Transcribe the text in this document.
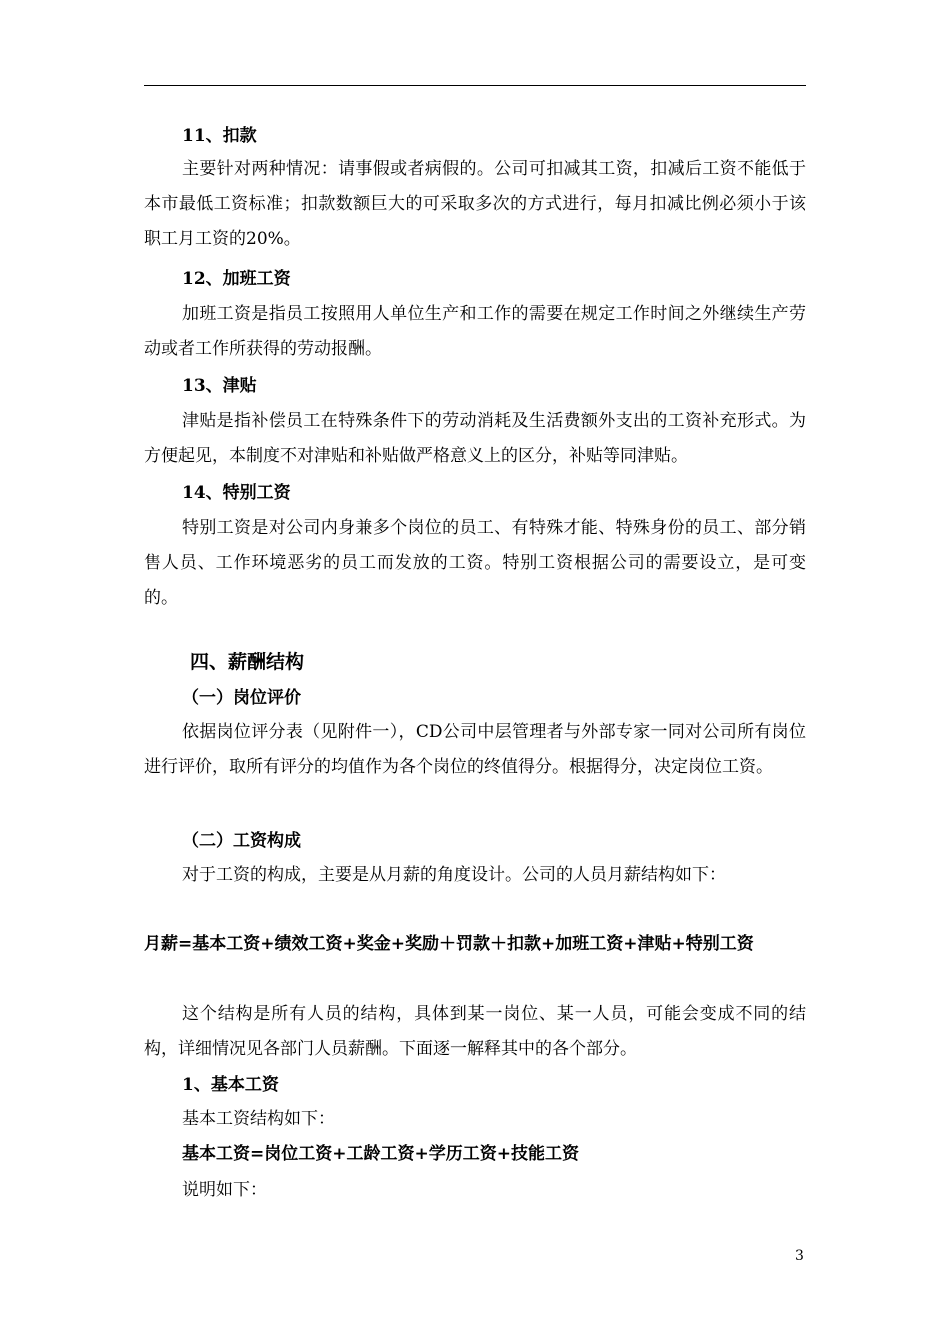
11、扣款
主要针对两种情况：请事假或者病假的。公司可扣减其工资，扣减后工资不能低于本市最低工资标准；扣款数额巨大的可采取多次的方式进行，每月扣减比例必须小于该职工月工资的20%。
12、加班工资
加班工资是指员工按照用人单位生产和工作的需要在规定工作时间之外继续生产劳动或者工作所获得的劳动报酬。
13、津贴
津贴是指补偿员工在特殊条件下的劳动消耗及生活费额外支出的工资补充形式。为方便起见，本制度不对津贴和补贴做严格意义上的区分，补贴等同津贴。
14、特别工资
特别工资是对公司内身兼多个岗位的员工、有特殊才能、特殊身份的员工、部分销售人员、工作环境恶劣的员工而发放的工资。特别工资根据公司的需要设立，是可变的。
四、薪酬结构
（一）岗位评价
依据岗位评分表（见附件一），CD公司中层管理者与外部专家一同对公司所有岗位进行评价，取所有评分的均值作为各个岗位的终值得分。根据得分，决定岗位工资。
（二）工资构成
对于工资的构成，主要是从月薪的角度设计。公司的人员月薪结构如下：
月薪=基本工资+绩效工资+奖金+奖励＋罚款＋扣款+加班工资+津贴+特别工资
这个结构是所有人员的结构，具体到某一岗位、某一人员，可能会变成不同的结构，详细情况见各部门人员薪酬。下面逐一解释其中的各个部分。
1、基本工资
基本工资结构如下：
基本工资=岗位工资+工龄工资+学历工资+技能工资
说明如下：
3
